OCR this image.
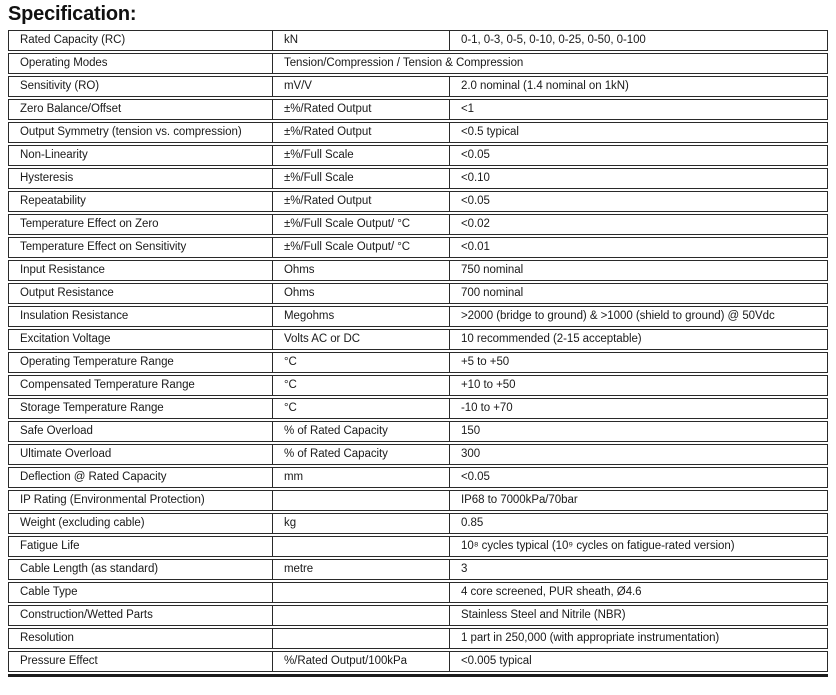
Specification:
Rated Capacity (RC)	kN	0-1, 0-3, 0-5, 0-10, 0-25, 0-50, 0-100
Operating Modes	Tension/Compression / Tension & Compression	
Sensitivity (RO)	mV/V	2.0 nominal (1.4 nominal on 1kN)
Zero Balance/Offset	±%/Rated Output	<1
Output Symmetry (tension vs. compression)	±%/Rated Output	<0.5 typical
Non-Linearity	±%/Full Scale	<0.05
Hysteresis	±%/Full Scale	<0.10
Repeatability	±%/Rated Output	<0.05
Temperature Effect on Zero	±%/Full Scale Output/ °C	<0.02
Temperature Effect on Sensitivity	±%/Full Scale Output/ °C	<0.01
Input Resistance	Ohms	750 nominal
Output Resistance	Ohms	700 nominal
Insulation Resistance	Megohms	>2000 (bridge to ground) & >1000 (shield to ground) @ 50Vdc
Excitation Voltage	Volts AC or DC	10 recommended (2-15 acceptable)
Operating Temperature Range	°C	+5 to +50
Compensated Temperature Range	°C	+10 to +50
Storage Temperature Range	°C	-10 to +70
Safe Overload	% of Rated Capacity	150
Ultimate Overload	% of Rated Capacity	300
Deflection @ Rated Capacity	mm	<0.05
IP Rating (Environmental Protection)		IP68 to 7000kPa/70bar
Weight (excluding cable)	kg	0.85
Fatigue Life		10⁸ cycles typical (10⁹ cycles on fatigue-rated version)
Cable Length (as standard)	metre	3
Cable Type		4 core screened, PUR sheath, Ø4.6
Construction/Wetted Parts		Stainless Steel and Nitrile (NBR)
Resolution		1 part in 250,000 (with appropriate instrumentation)
Pressure Effect	%/Rated Output/100kPa	<0.005 typical
